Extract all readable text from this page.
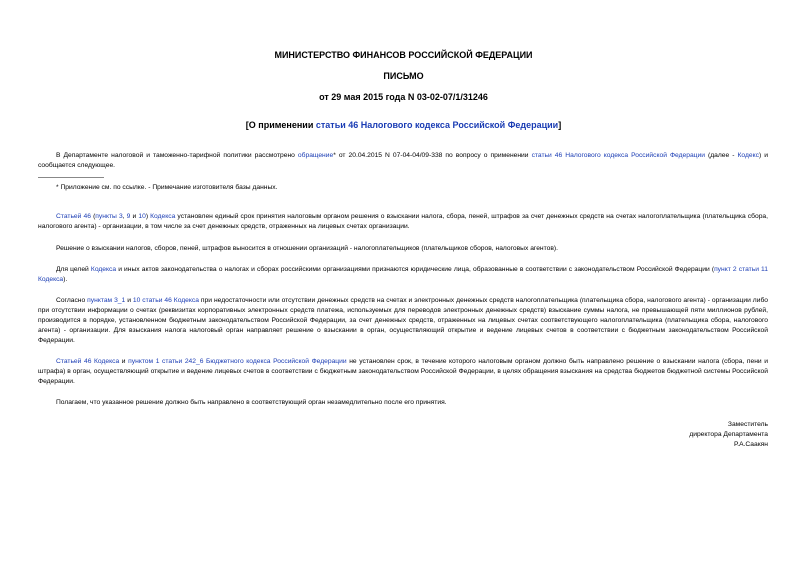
МИНИСТЕРСТВО ФИНАНСОВ РОССИЙСКОЙ ФЕДЕРАЦИИ
ПИСЬМО
от 29 мая 2015 года N 03-02-07/1/31246
[О применении статьи 46 Налогового кодекса Российской Федерации]
В Департаменте налоговой и таможенно-тарифной политики рассмотрено обращение* от 20.04.2015 N 07-04-04/09-338 по вопросу о применении статьи 46 Налогового кодекса Российской Федерации (далее - Кодекс) и сообщается следующее.
* Приложение см. по ссылке. - Примечание изготовителя базы данных.
Статьей 46 (пункты 3, 9 и 10) Кодекса установлен единый срок принятия налоговым органом решения о взыскании налога, сбора, пеней, штрафов за счет денежных средств на счетах налогоплательщика (плательщика сбора, налогового агента) - организации, в том числе за счет денежных средств, отраженных на лицевых счетах организации.
Решение о взыскании налогов, сборов, пеней, штрафов выносится в отношении организаций - налогоплательщиков (плательщиков сборов, налоговых агентов).
Для целей Кодекса и иных актов законодательства о налогах и сборах российскими организациями признаются юридические лица, образованные в соответствии с законодательством Российской Федерации (пункт 2 статьи 11 Кодекса).
Согласно пунктам 3_1 и 10 статьи 46 Кодекса при недостаточности или отсутствии денежных средств на счетах и электронных денежных средств налогоплательщика (плательщика сбора, налогового агента) - организации либо при отсутствии информации о счетах (реквизитах корпоративных электронных средств платежа, используемых для переводов электронных денежных средств) взыскание суммы налога, не превышающей пяти миллионов рублей, производится в порядке, установленном бюджетным законодательством Российской Федерации, за счет денежных средств, отраженных на лицевых счетах соответствующего налогоплательщика (плательщика сбора, налогового агента) - организации. Для взыскания налога налоговый орган направляет решение о взыскании в орган, осуществляющий открытие и ведение лицевых счетов в соответствии с бюджетным законодательством Российской Федерации.
Статьей 46 Кодекса и пунктом 1 статьи 242_6 Бюджетного кодекса Российской Федерации не установлен срок, в течение которого налоговым органом должно быть направлено решение о взыскании налога (сбора, пени и штрафа) в орган, осуществляющий открытие и ведение лицевых счетов в соответствии с бюджетным законодательством Российской Федерации, в целях обращения взыскания на средства бюджетов бюджетной системы Российской Федерации.
Полагаем, что указанное решение должно быть направлено в соответствующий орган незамедлительно после его принятия.
Заместитель
директора Департамента
Р.А.Саакян
